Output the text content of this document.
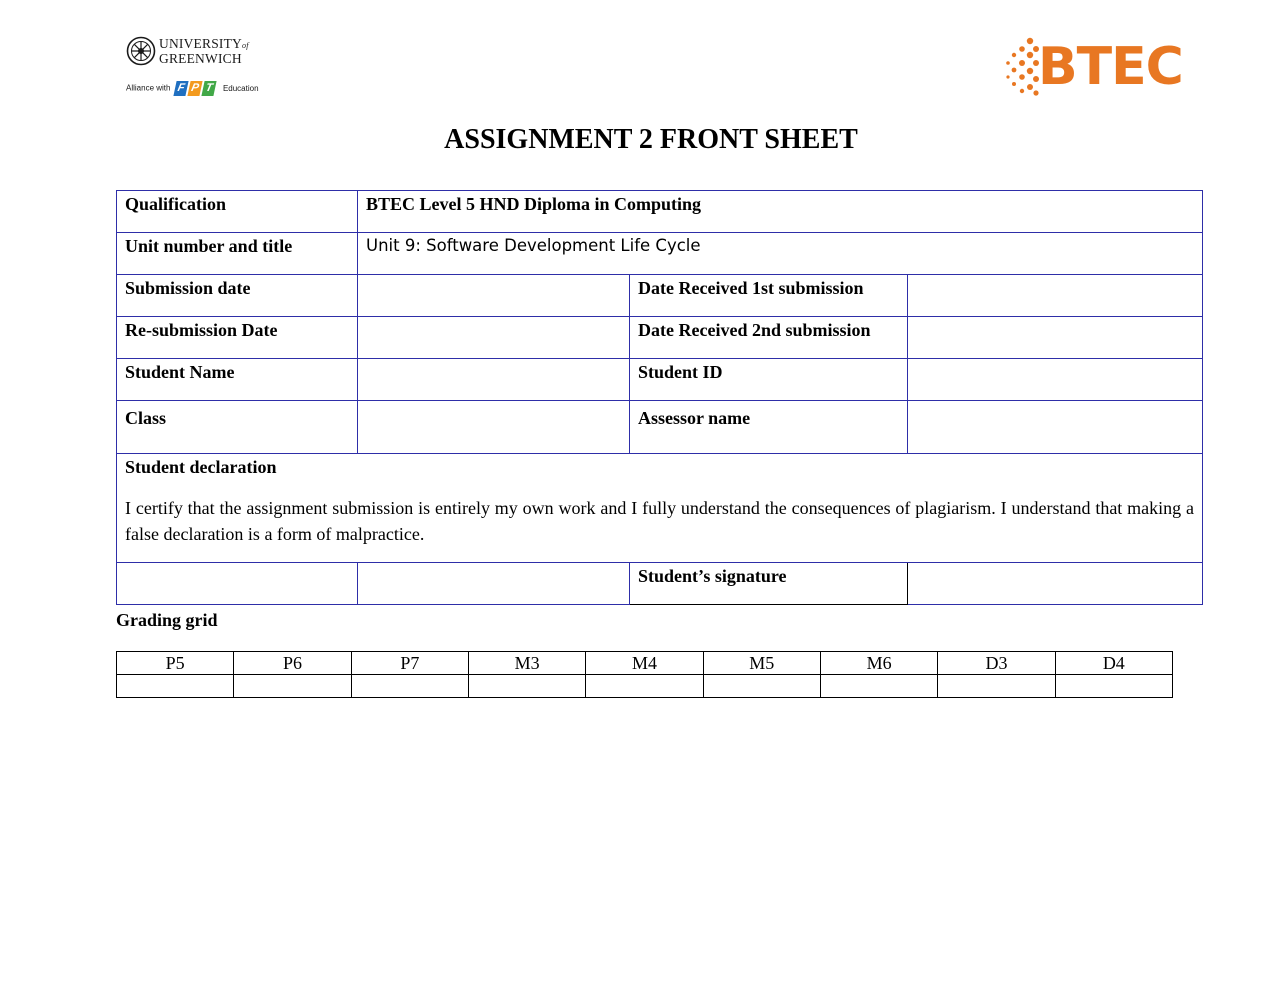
UNIVERSITYof
GREENWICH
Alliance with F P T	Education	BTEC
ASSIGNMENT 2 FRONT SHEET
Qualification	BTEC Level 5 HND Diploma in Computing		
Unit number and title	Unit 9: Software Development Life Cycle		
Submission date		Date Received 1st submission	
Re-submission Date		Date Received 2nd submission	
Student Name		Student ID	
Class		Assessor name	

Student declaration
I certify that the assignment submission is entirely my own work and I fully understand the consequences of plagiarism. I understand that making a false declaration is a form of malpractice.			

		Student’s signature	
Grading grid
P5	P6	P7	M3	M4	M5	M6	D3	D4
